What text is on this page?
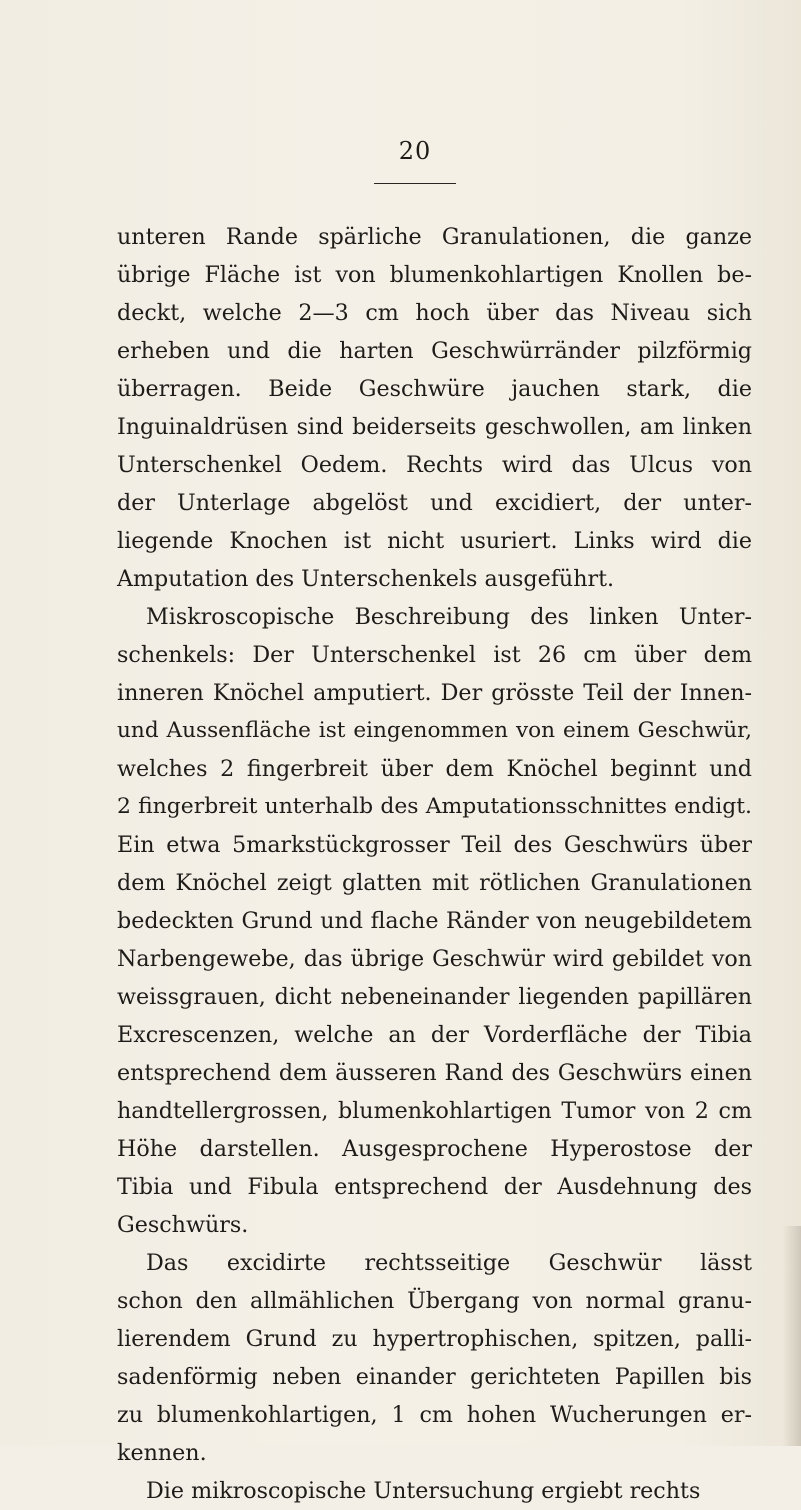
20
unteren Rande spärliche Granulationen, die ganze
übrige Fläche ist von blumenkohlartigen Knollen be-
deckt, welche 2—3 cm hoch über das Niveau sich
erheben und die harten Geschwürränder pilzförmig
überragen. Beide Geschwüre jauchen stark, die
Inguinaldrüsen sind beiderseits geschwollen, am linken
Unterschenkel Oedem. Rechts wird das Ulcus von
der Unterlage abgelöst und excidiert, der unter-
liegende Knochen ist nicht usuriert. Links wird die
Amputation des Unterschenkels ausgeführt.
Miskroscopische Beschreibung des linken Unter-
schenkels: Der Unterschenkel ist 26 cm über dem
inneren Knöchel amputiert. Der grösste Teil der Innen-
und Aussenfläche ist eingenommen von einem Geschwür,
welches 2 fingerbreit über dem Knöchel beginnt und
2 fingerbreit unterhalb des Amputationsschnittes endigt.
Ein etwa 5markstückgrosser Teil des Geschwürs über
dem Knöchel zeigt glatten mit rötlichen Granulationen
bedeckten Grund und flache Ränder von neugebildetem
Narbengewebe, das übrige Geschwür wird gebildet von
weissgrauen, dicht nebeneinander liegenden papillären
Excrescenzen, welche an der Vorderfläche der Tibia
entsprechend dem äusseren Rand des Geschwürs einen
handtellergrossen, blumenkohlartigen Tumor von 2 cm
Höhe darstellen. Ausgesprochene Hyperostose der
Tibia und Fibula entsprechend der Ausdehnung des
Geschwürs.
Das excidirte rechtsseitige Geschwür lässt
schon den allmählichen Übergang von normal granu-
lierendem Grund zu hypertrophischen, spitzen, palli-
sadenförmig neben einander gerichteten Papillen bis
zu blumenkohlartigen, 1 cm hohen Wucherungen er-
kennen.
Die mikroscopische Untersuchung ergiebt rechts
